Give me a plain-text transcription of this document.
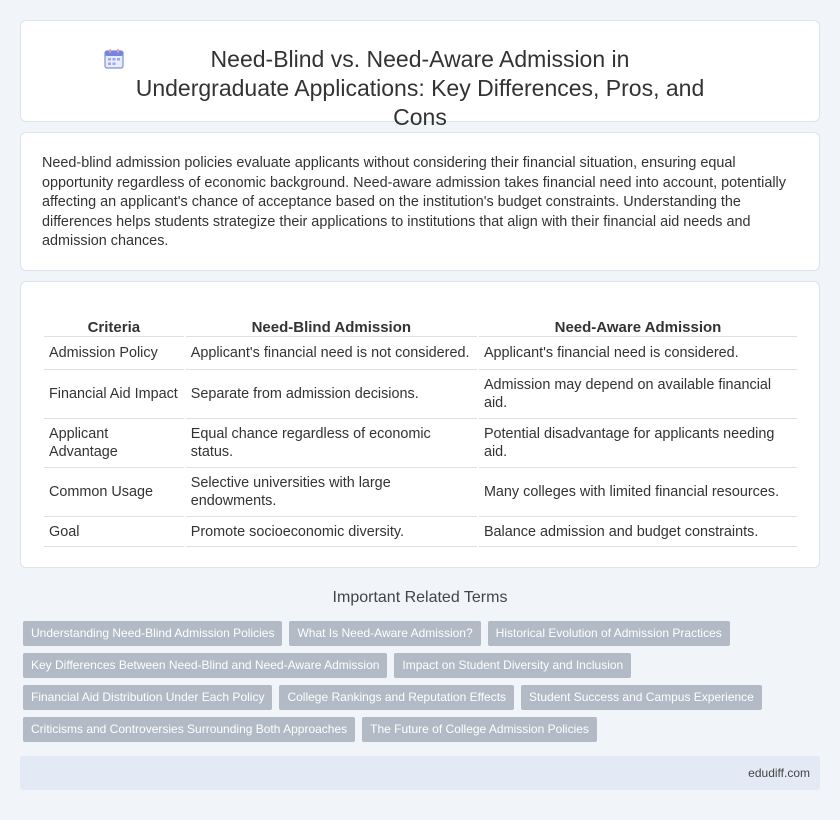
Need-Blind vs. Need-Aware Admission in Undergraduate Applications: Key Differences, Pros, and Cons

Need-blind admission policies evaluate applicants without considering their financial situation, ensuring equal opportunity regardless of economic background. Need-aware admission takes financial need into account, potentially affecting an applicant's chance of acceptance based on the institution's budget constraints. Understanding the differences helps students strategize their applications to institutions that align with their financial aid needs and admission chances.

Criteria	Need-Blind Admission	Need-Aware Admission
Admission Policy	Applicant's financial need is not considered.	Applicant's financial need is considered.
Financial Aid Impact	Separate from admission decisions.	Admission may depend on available financial aid.
Applicant Advantage	Equal chance regardless of economic status.	Potential disadvantage for applicants needing aid.
Common Usage	Selective universities with large endowments.	Many colleges with limited financial resources.
Goal	Promote socioeconomic diversity.	Balance admission and budget constraints.
Important Related Terms
Understanding Need-Blind Admission Policies	What Is Need-Aware Admission?	Historical Evolution of Admission Practices
Key Differences Between Need-Blind and Need-Aware Admission	Impact on Student Diversity and Inclusion
Financial Aid Distribution Under Each Policy	College Rankings and Reputation Effects	Student Success and Campus Experience
Criticisms and Controversies Surrounding Both Approaches	The Future of College Admission Policies
edudiff.com
